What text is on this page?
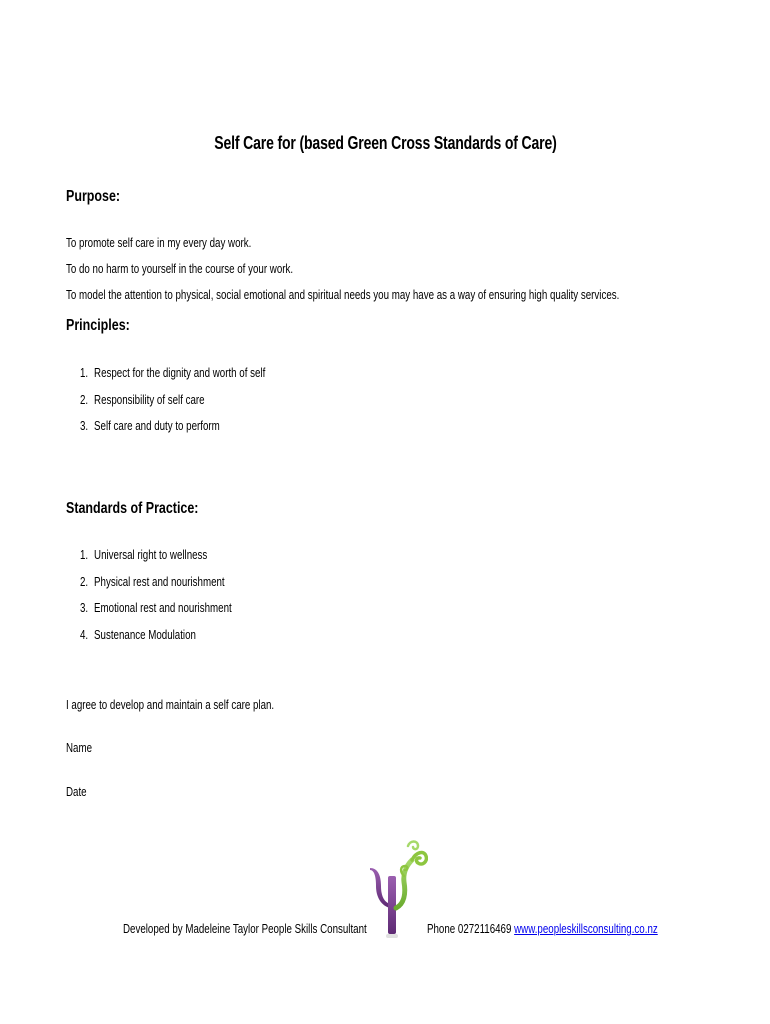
Self Care for (based Green Cross Standards of Care)
Purpose:
To promote self care in my every day work.
To do no harm to yourself in the course of your work.
To model the attention to physical, social emotional and spiritual needs you may have as a way of ensuring high quality services.
Principles:
1. Respect for the dignity and worth of self
2. Responsibility of self care
3. Self care and duty to perform
Standards of Practice:
1. Universal right to wellness
2. Physical rest and nourishment
3. Emotional rest and nourishment
4. Sustenance Modulation
I agree to develop and maintain a self care plan.
Name
Date
Developed by Madeleine Taylor People Skills Consultant	Phone 0272116469 www.peopleskillsconsulting.co.nz
